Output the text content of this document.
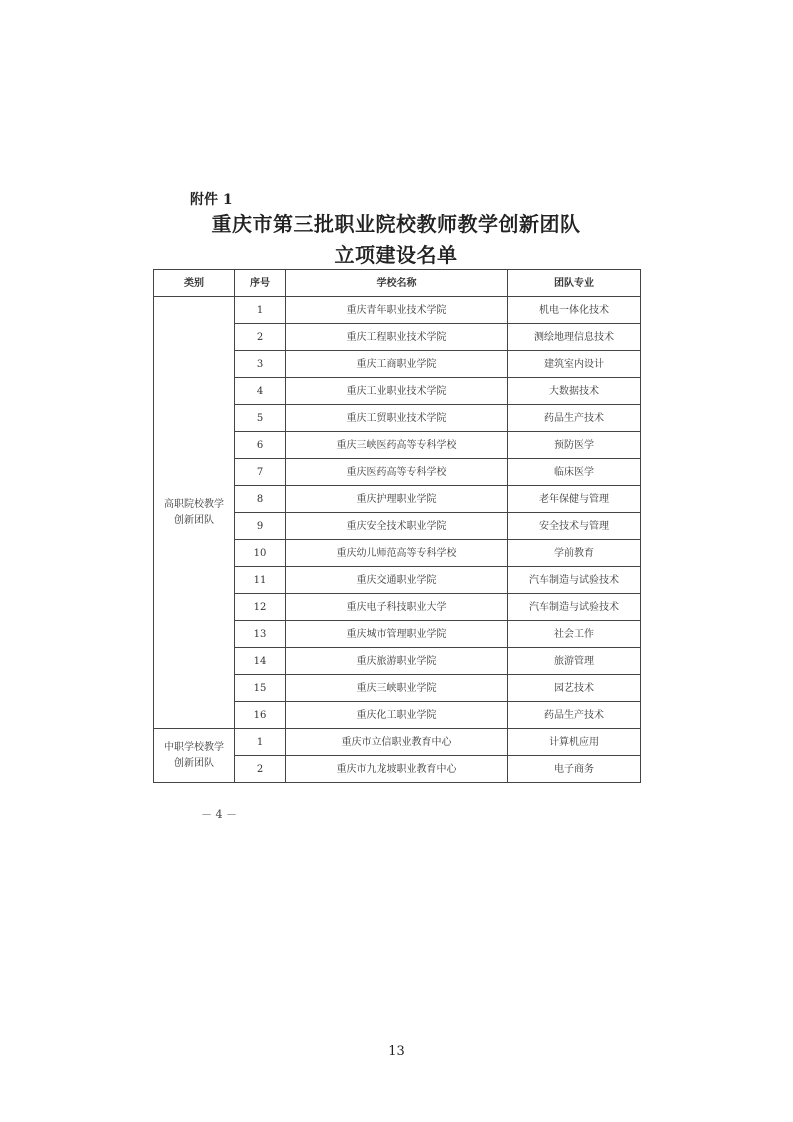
附件 1
重庆市第三批职业院校教师教学创新团队
立项建设名单
类别	序号	学校名称	团队专业

高职院校教学
创新团队	1	重庆青年职业技术学院	机电一体化技术
	2	重庆工程职业技术学院	测绘地理信息技术
	3	重庆工商职业学院	建筑室内设计
	4	重庆工业职业技术学院	大数据技术
	5	重庆工贸职业技术学院	药品生产技术
	6	重庆三峡医药高等专科学校	预防医学
	7	重庆医药高等专科学校	临床医学
	8	重庆护理职业学院	老年保健与管理
	9	重庆安全技术职业学院	安全技术与管理
	10	重庆幼儿师范高等专科学校	学前教育
	11	重庆交通职业学院	汽车制造与试验技术
	12	重庆电子科技职业大学	汽车制造与试验技术
	13	重庆城市管理职业学院	社会工作
	14	重庆旅游职业学院	旅游管理
	15	重庆三峡职业学院	园艺技术
	16	重庆化工职业学院	药品生产技术

中职学校教学
创新团队	1	重庆市立信职业教育中心	计算机应用
	2	重庆市九龙坡职业教育中心	电子商务
－ 4 －
13
